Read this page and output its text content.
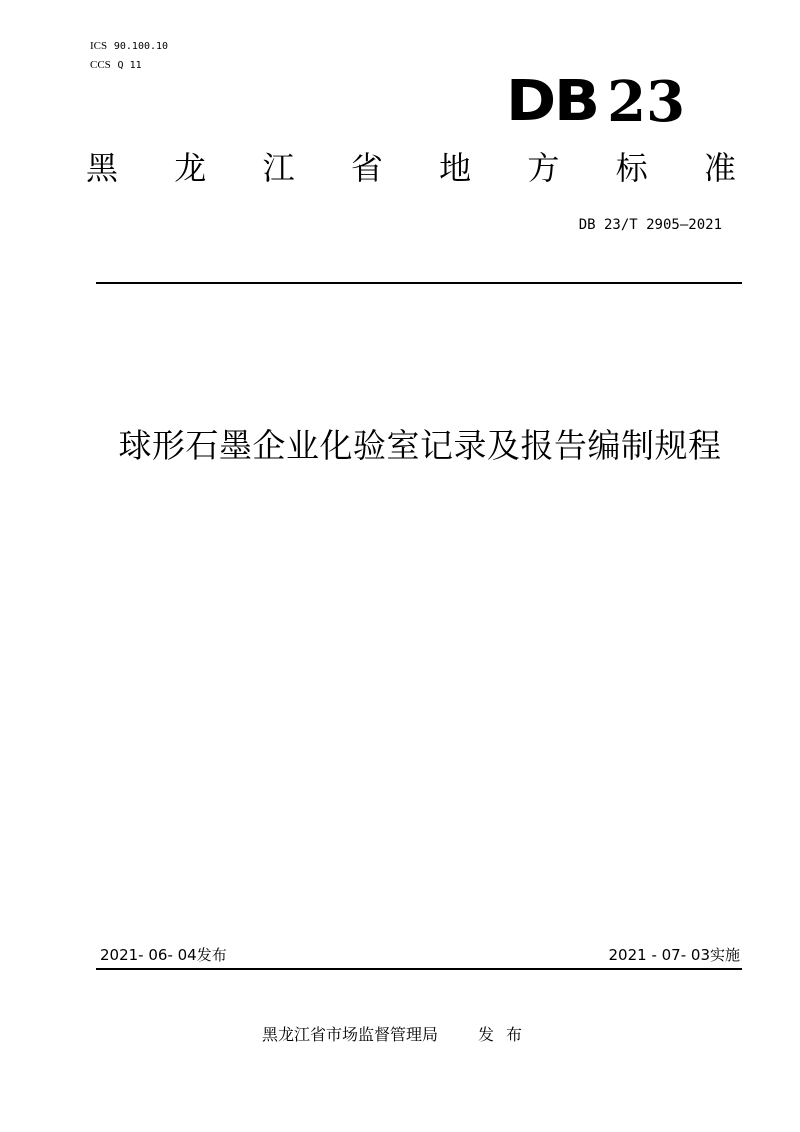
ICS 90.100.10
CCS Q 11
DB 23
黑 龙 江 省 地 方 标 准
DB 23/T 2905—2021
球形石墨企业化验室记录及报告编制规程
2021- 06- 04发布	2021 - 07- 03实施
黑龙江省市场监督管理局	发布
